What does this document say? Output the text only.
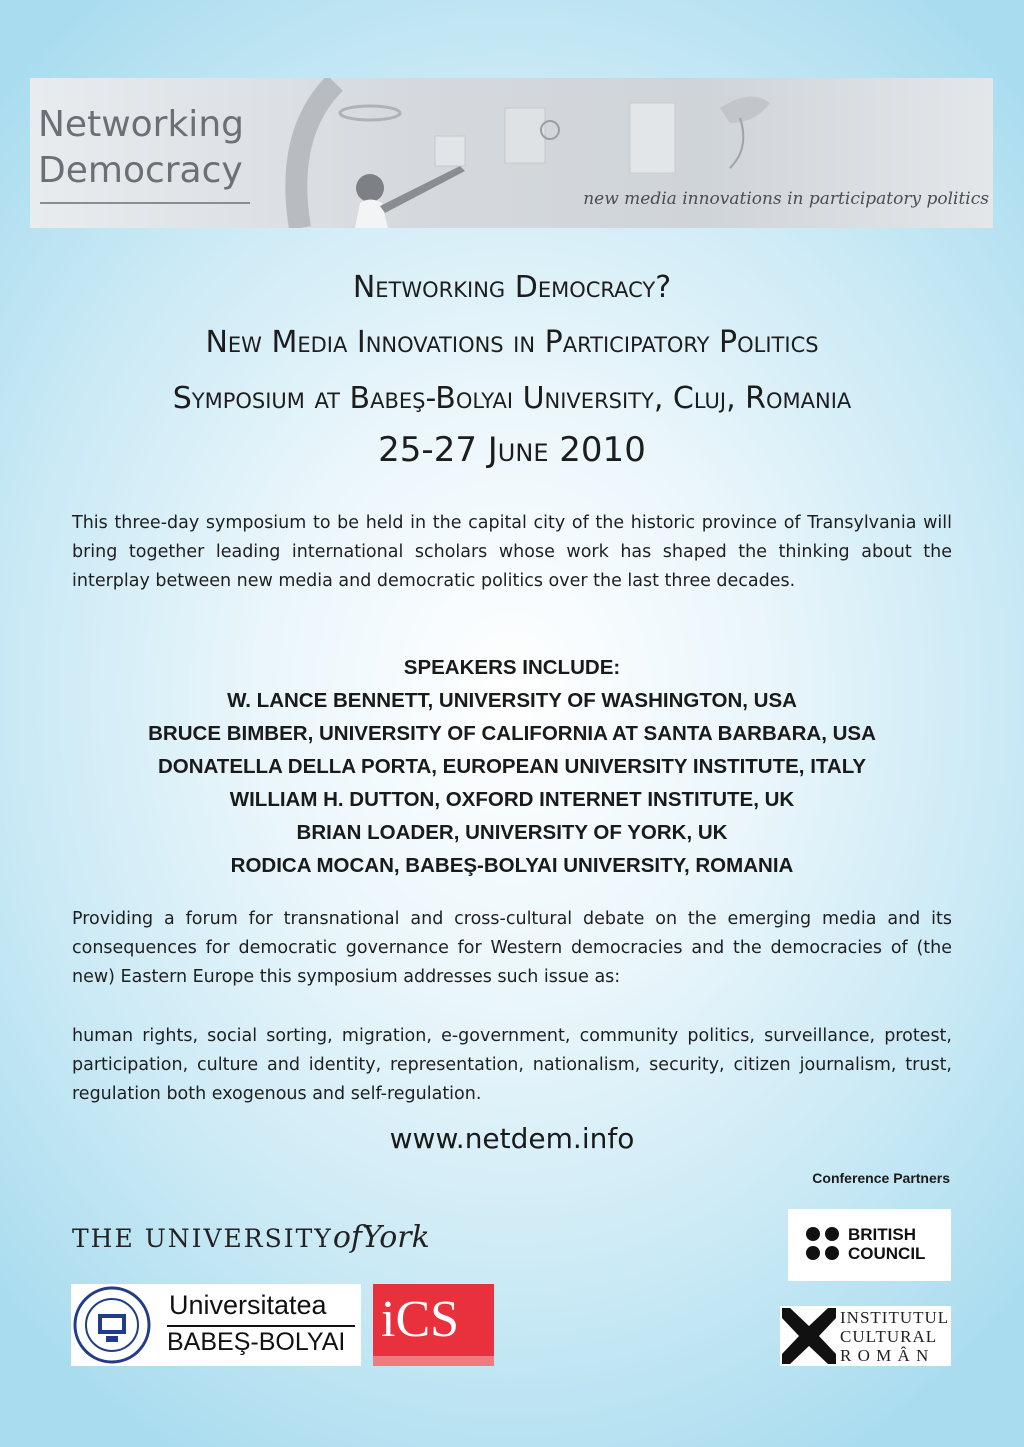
Networking
Democracy
new media innovations in participatory politics
Networking Democracy?
New Media Innovations in Participatory Politics
Symposium at Babeş-Bolyai University, Cluj, Romania
25-27 June 2010
This three-day symposium to be held in the capital city of the historic province of Transylvania will bring together leading international scholars whose work has shaped the thinking about the interplay between new media and democratic politics over the last three decades.
SPEAKERS INCLUDE:
W. LANCE BENNETT, UNIVERSITY OF WASHINGTON, USA
BRUCE BIMBER, UNIVERSITY OF CALIFORNIA AT SANTA BARBARA, USA
DONATELLA DELLA PORTA, EUROPEAN UNIVERSITY INSTITUTE, ITALY
WILLIAM H. DUTTON, OXFORD INTERNET INSTITUTE, UK
BRIAN LOADER, UNIVERSITY OF YORK, UK
RODICA MOCAN, BABEŞ-BOLYAI UNIVERSITY, ROMANIA
Providing a forum for transnational and cross-cultural debate on the emerging media and its consequences for democratic governance for Western democracies and the democracies of (the new) Eastern Europe this symposium addresses such issue as:
human rights, social sorting, migration, e-government, community politics, surveillance, protest, participation, culture and identity, representation, nationalism, security, citizen journalism, trust, regulation both exogenous and self-regulation.
www.netdem.info
Conference Partners
THE UNIVERSITYofYork
Universitatea
BABEŞ-BOLYAI iCS
BRITISH
COUNCIL
INSTITUTUL
CULTURAL
R O M Â N
